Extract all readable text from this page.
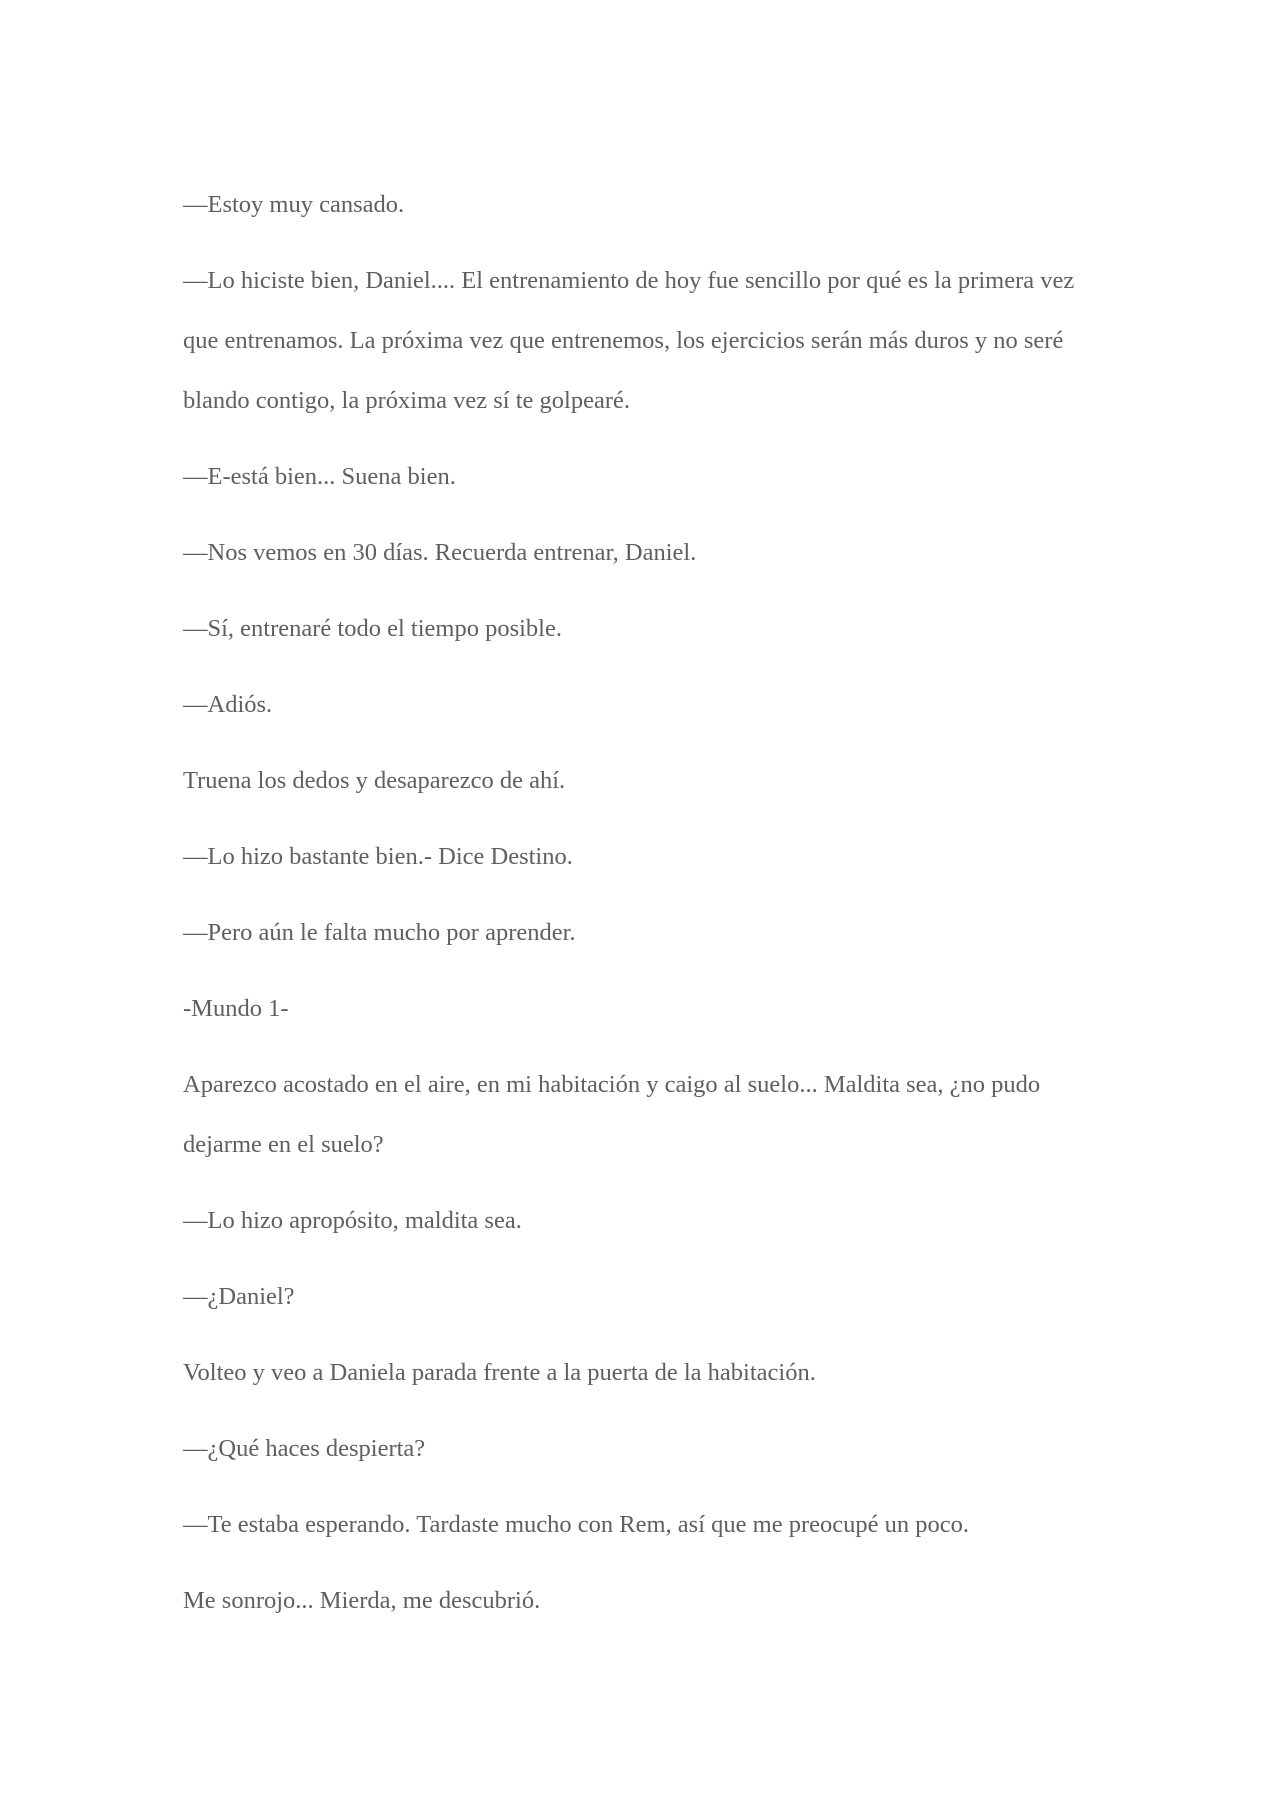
—Estoy muy cansado.

—Lo hiciste bien, Daniel.... El entrenamiento de hoy fue sencillo por qué es la primera vez que entrenamos. La próxima vez que entrenemos, los ejercicios serán más duros y no seré blando contigo, la próxima vez sí te golpearé.

—E-está bien... Suena bien.

—Nos vemos en 30 días. Recuerda entrenar, Daniel.

—Sí, entrenaré todo el tiempo posible.

—Adiós.

Truena los dedos y desaparezco de ahí.

—Lo hizo bastante bien.- Dice Destino.

—Pero aún le falta mucho por aprender.

-Mundo 1-

Aparezco acostado en el aire, en mi habitación y caigo al suelo... Maldita sea, ¿no pudo dejarme en el suelo?

—Lo hizo apropósito, maldita sea.

—¿Daniel?

Volteo y veo a Daniela parada frente a la puerta de la habitación.

—¿Qué haces despierta?

—Te estaba esperando. Tardaste mucho con Rem, así que me preocupé un poco.

Me sonrojo... Mierda, me descubrió.
